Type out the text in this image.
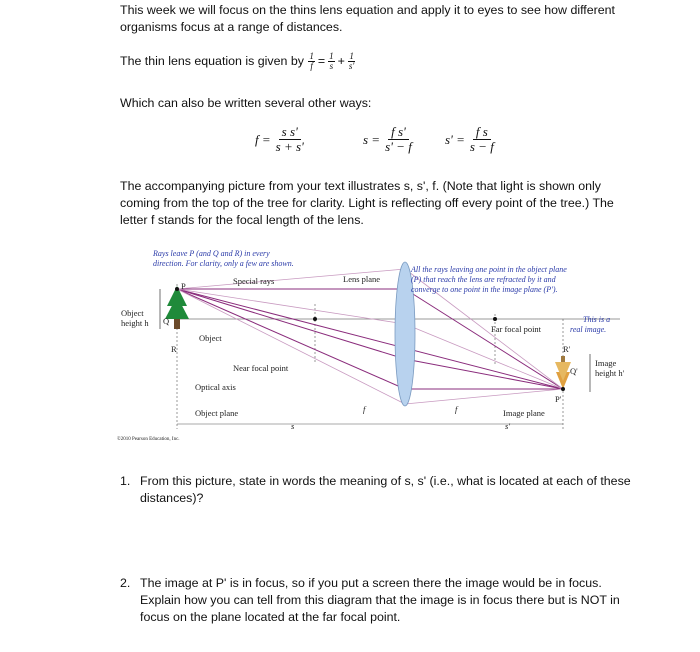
This week we will focus on the thins lens equation and apply it to eyes to see how different
organisms focus at a range of distances.
The thin lens equation is given by
$\frac{1}{f} = \frac{1}{s} + \frac{1}{s'}$
Which can also be written several other ways:
$f = \frac{\text{s s'}}{s + s'}$	$s = \frac{\text{f s'}}{s' - f} s' = \frac{\text{f s}}{s - f}$
The accompanying picture from your text illustrates s, s', f. (Note that light is shown only
coming from the top of the tree for clarity. Light is reflecting off every point of the tree.) The
letter f stands for the focal length of the lens.
Rays leave P (and Q and R) in every
direction. For clarity, only a few are shown.
Special rays	Lens plane
All the rays leaving one point in the object plane
(P) that reach the lens are refracted by it and
converge to one point in the image plane (P').
Object
height h
P
Q
R
Object
Near focal point
Optical axis
Object plane	f	f
s	s'
Far focal point
This is a
real image.
R'
Q'
P'
Image
height h'
Image plane
©2010 Pearson Education, Inc.
1. From this picture, state in words the meaning of s, s' (i.e., what is located at each of these
distances)?
2. The image at P' is in focus, so if you put a screen there the image would be in focus.
Explain how you can tell from this diagram that the image is in focus there but is NOT in
focus on the plane located at the far focal point.
